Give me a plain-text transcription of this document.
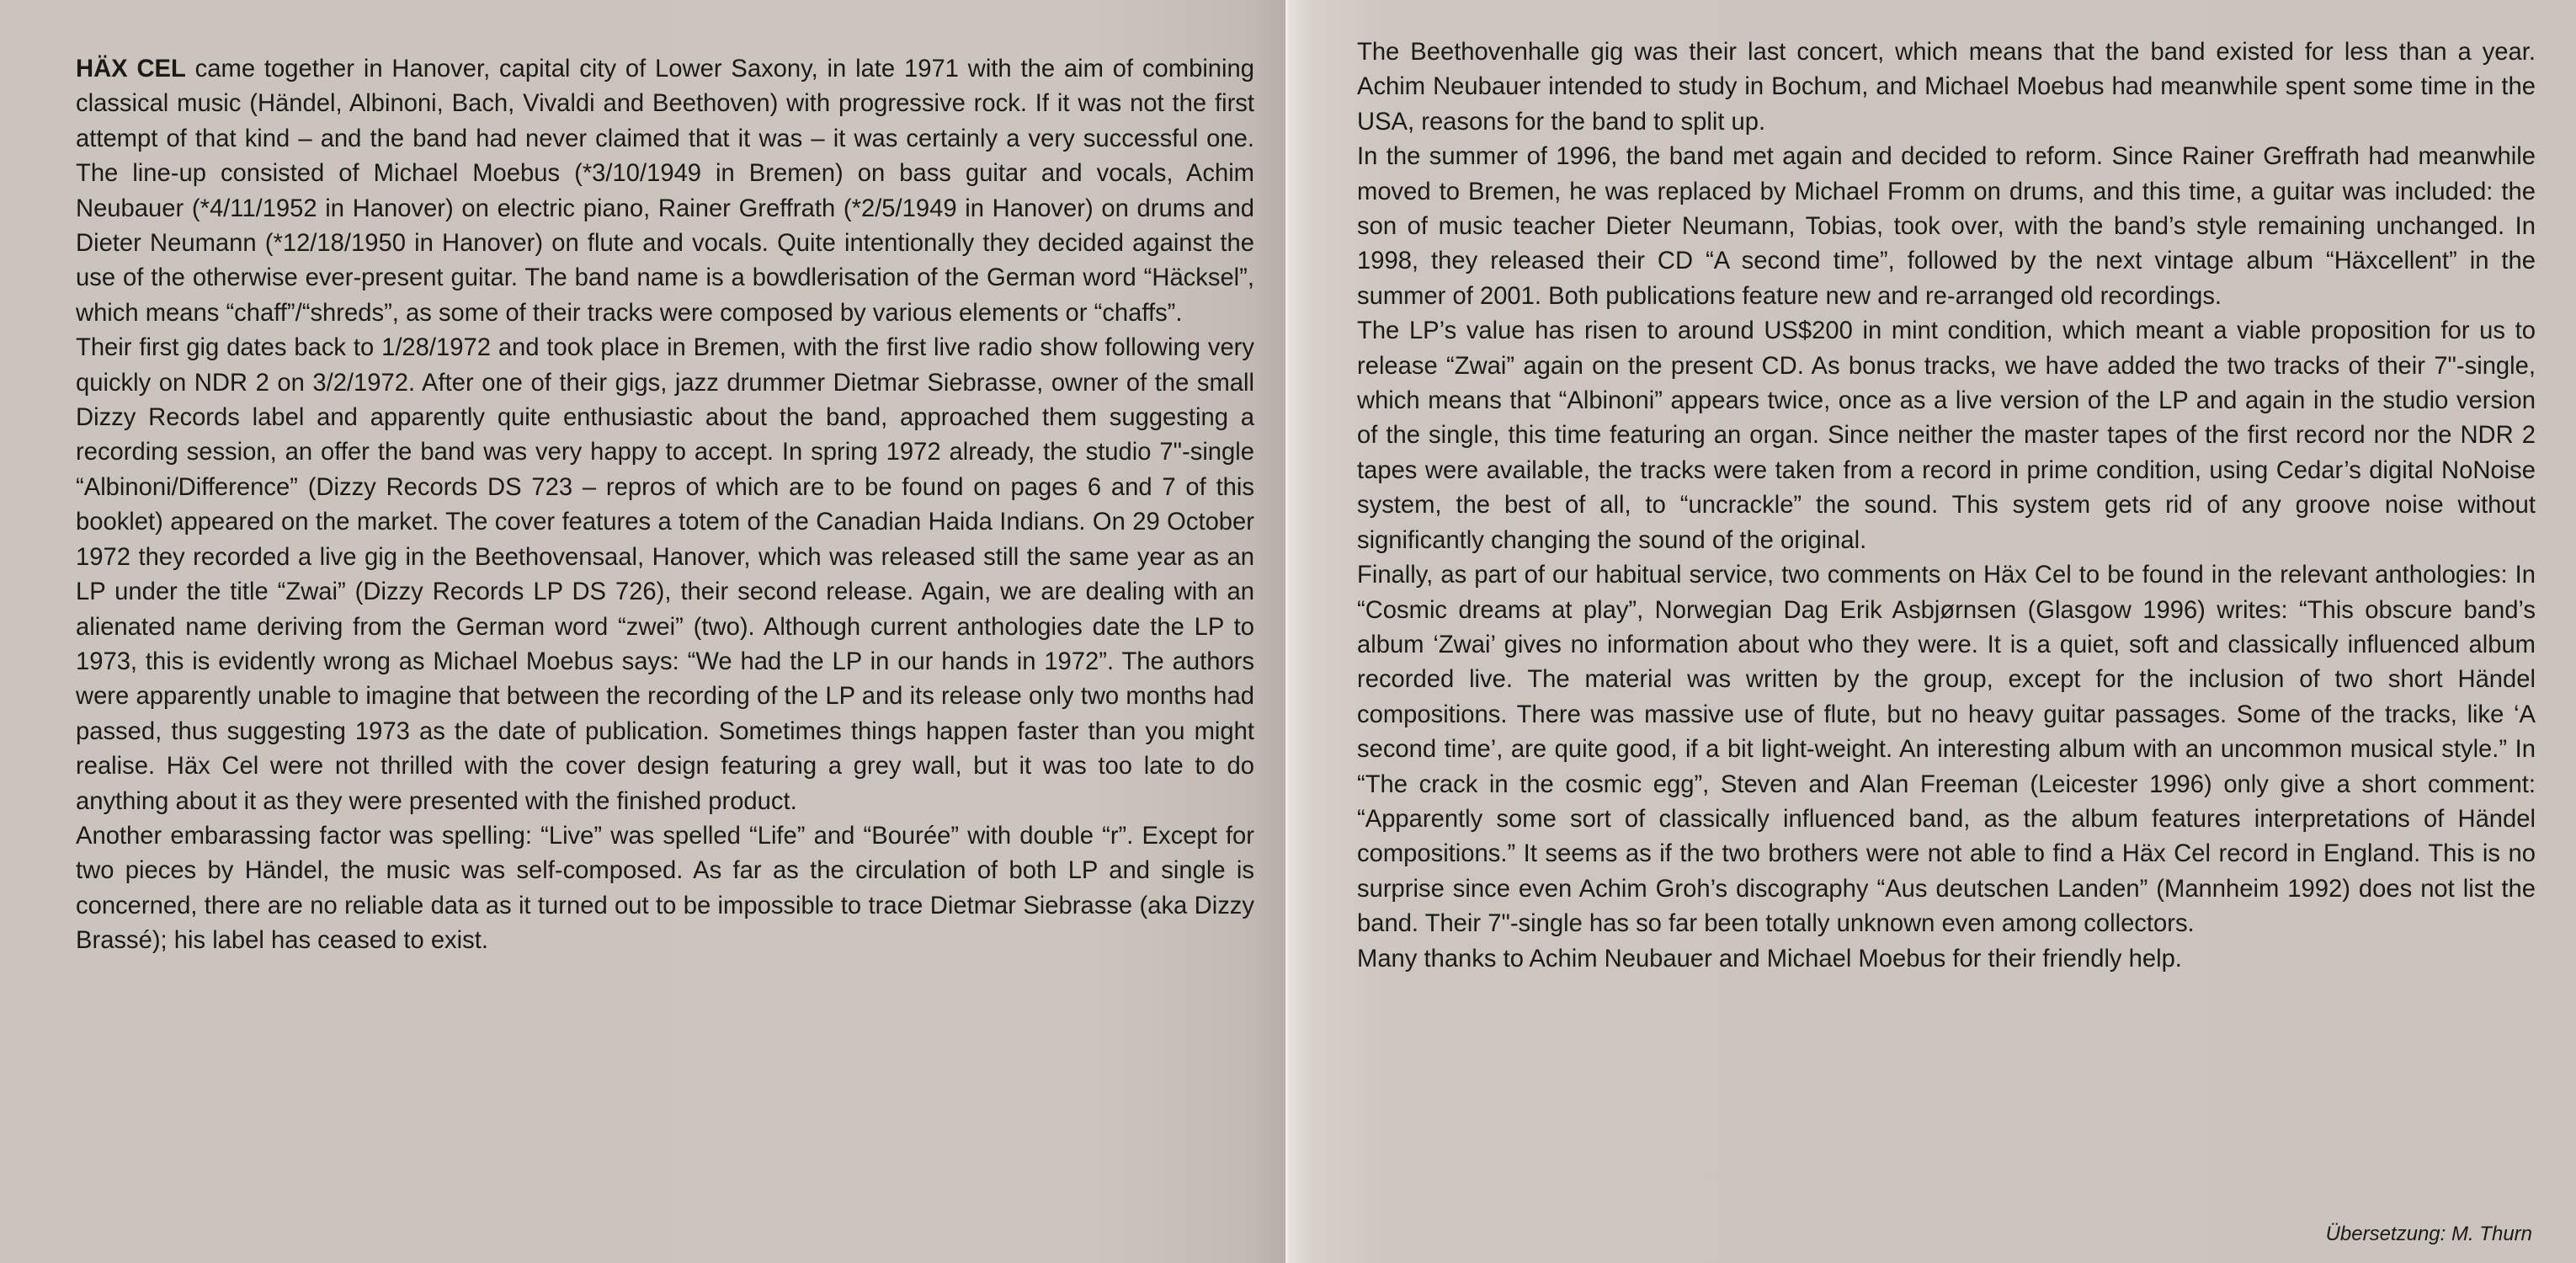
HÄX CEL came together in Hanover, capital city of Lower Saxony, in late 1971 with the aim of combining classical music (Händel, Albinoni, Bach, Vivaldi and Beethoven) with progressive rock. If it was not the first attempt of that kind – and the band had never claimed that it was – it was certainly a very successful one. The line-up consisted of Michael Moebus (*3/10/1949 in Bremen) on bass guitar and vocals, Achim Neubauer (*4/11/1952 in Hanover) on electric piano, Rainer Greffrath (*2/5/1949 in Hanover) on drums and Dieter Neumann (*12/18/1950 in Hanover) on flute and vocals. Quite intentionally they decided against the use of the otherwise ever-present guitar. The band name is a bowdlerisation of the German word “Häcksel”, which means “chaff”/“shreds”, as some of their tracks were composed by various elements or “chaffs”.

Their first gig dates back to 1/28/1972 and took place in Bremen, with the first live radio show following very quickly on NDR 2 on 3/2/1972. After one of their gigs, jazz drummer Dietmar Siebrasse, owner of the small Dizzy Records label and apparently quite enthusiastic about the band, approached them suggesting a recording session, an offer the band was very happy to accept. In spring 1972 already, the studio 7"-single “Albinoni/Difference” (Dizzy Records DS 723 – repros of which are to be found on pages 6 and 7 of this booklet) appeared on the market. The cover features a totem of the Canadian Haida Indians. On 29 October 1972 they recorded a live gig in the Beethovensaal, Hanover, which was released still the same year as an LP under the title “Zwai” (Dizzy Records LP DS 726), their second release. Again, we are dealing with an alienated name deriving from the German word “zwei” (two). Although current anthologies date the LP to 1973, this is evidently wrong as Michael Moebus says: “We had the LP in our hands in 1972”. The authors were apparently unable to imagine that between the recording of the LP and its release only two months had passed, thus suggesting 1973 as the date of publication. Sometimes things happen faster than you might realise. Häx Cel were not thrilled with the cover design featuring a grey wall, but it was too late to do anything about it as they were presented with the finished product.

Another embarassing factor was spelling: “Live” was spelled “Life” and “Bourée” with double “r”. Except for two pieces by Händel, the music was self-composed. As far as the circulation of both LP and single is concerned, there are no reliable data as it turned out to be impossible to trace Dietmar Siebrasse (aka Dizzy Brassé); his label has ceased to exist.

The Beethovenhalle gig was their last concert, which means that the band existed for less than a year. Achim Neubauer intended to study in Bochum, and Michael Moebus had meanwhile spent some time in the USA, reasons for the band to split up.

In the summer of 1996, the band met again and decided to reform. Since Rainer Greffrath had meanwhile moved to Bremen, he was replaced by Michael Fromm on drums, and this time, a guitar was included: the son of music teacher Dieter Neumann, Tobias, took over, with the band’s style remaining unchanged. In 1998, they released their CD “A second time”, followed by the next vintage album “Häxcellent” in the summer of 2001. Both publications feature new and re-arranged old recordings.

The LP’s value has risen to around US$200 in mint condition, which meant a viable proposition for us to release “Zwai” again on the present CD. As bonus tracks, we have added the two tracks of their 7"-single, which means that “Albinoni” appears twice, once as a live version of the LP and again in the studio version of the single, this time featuring an organ. Since neither the master tapes of the first record nor the NDR 2 tapes were available, the tracks were taken from a record in prime condition, using Cedar’s digital NoNoise system, the best of all, to “uncrackle” the sound. This system gets rid of any groove noise without significantly changing the sound of the original.

Finally, as part of our habitual service, two comments on Häx Cel to be found in the relevant anthologies: In “Cosmic dreams at play”, Norwegian Dag Erik Asbjørnsen (Glasgow 1996) writes: “This obscure band’s album ‘Zwai’ gives no information about who they were. It is a quiet, soft and classically influenced album recorded live. The material was written by the group, except for the inclusion of two short Händel compositions. There was massive use of flute, but no heavy guitar passages. Some of the tracks, like ‘A second time’, are quite good, if a bit light-weight. An interesting album with an uncommon musical style.” In “The crack in the cosmic egg”, Steven and Alan Freeman (Leicester 1996) only give a short comment: “Apparently some sort of classically influenced band, as the album features interpretations of Händel compositions.” It seems as if the two brothers were not able to find a Häx Cel record in England. This is no surprise since even Achim Groh’s discography “Aus deutschen Landen” (Mannheim 1992) does not list the band. Their 7"-single has so far been totally unknown even among collectors.

Many thanks to Achim Neubauer and Michael Moebus for their friendly help.

Übersetzung: M. Thurn
